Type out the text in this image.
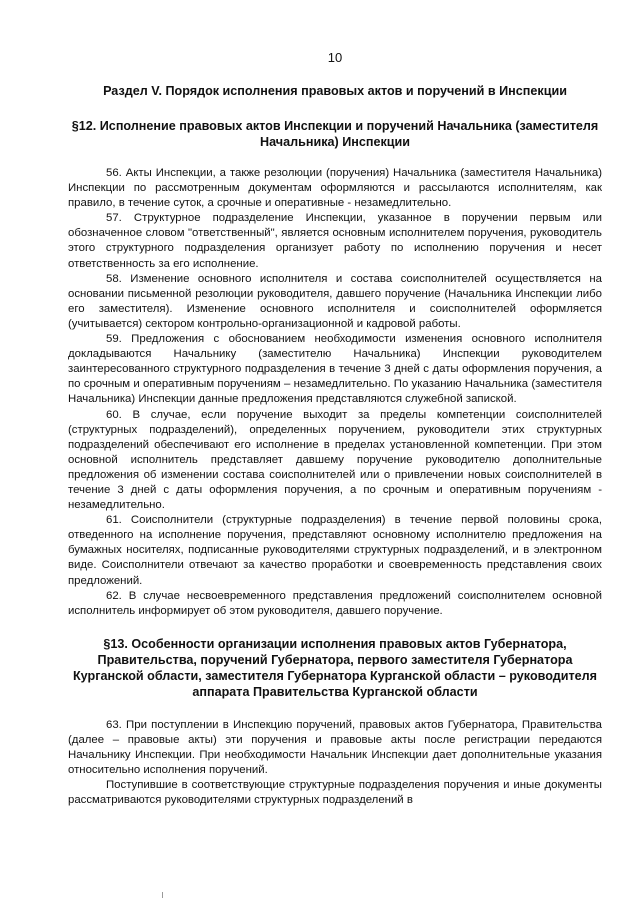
10
Раздел V. Порядок исполнения правовых актов и поручений в Инспекции
§12. Исполнение правовых актов Инспекции и поручений Начальника (заместителя Начальника) Инспекции

56. Акты Инспекции, а также резолюции (поручения) Начальника (заместителя Начальника) Инспекции по рассмотренным документам оформляются и рассылаются исполнителям, как правило, в течение суток, а срочные и оперативные - незамедлительно.

57. Структурное подразделение Инспекции, указанное в поручении первым или обозначенное словом "ответственный", является основным исполнителем поручения, руководитель этого структурного подразделения организует работу по исполнению поручения и несет ответственность за его исполнение.

58. Изменение основного исполнителя и состава соисполнителей осуществляется на основании письменной резолюции руководителя, давшего поручение (Начальника Инспекции либо его заместителя). Изменение основного исполнителя и соисполнителей оформляется (учитывается) сектором контрольно-организационной и кадровой работы.

59. Предложения с обоснованием необходимости изменения основного исполнителя докладываются Начальнику (заместителю Начальника) Инспекции руководителем заинтересованного структурного подразделения в течение 3 дней с даты оформления поручения, а по срочным и оперативным поручениям – незамедлительно. По указанию Начальника (заместителя Начальника) Инспекции данные предложения представляются служебной запиской.

60. В случае, если поручение выходит за пределы компетенции соисполнителей (структурных подразделений), определенных поручением, руководители этих структурных подразделений обеспечивают его исполнение в пределах установленной компетенции. При этом основной исполнитель представляет давшему поручение руководителю дополнительные предложения об изменении состава соисполнителей или о привлечении новых соисполнителей в течение 3 дней с даты оформления поручения, а по срочным и оперативным поручениям - незамедлительно.

61. Соисполнители (структурные подразделения) в течение первой половины срока, отведенного на исполнение поручения, представляют основному исполнителю предложения на бумажных носителях, подписанные руководителями структурных подразделений, и в электронном виде. Соисполнители отвечают за качество проработки и своевременность представления своих предложений.

62. В случае несвоевременного представления предложений соисполнителем основной исполнитель информирует об этом руководителя, давшего поручение.

§13. Особенности организации исполнения правовых актов Губернатора, Правительства, поручений Губернатора, первого заместителя Губернатора Курганской области, заместителя Губернатора Курганской области – руководителя аппарата Правительства Курганской области

63. При поступлении в Инспекцию поручений, правовых актов Губернатора, Правительства (далее – правовые акты) эти поручения и правовые акты после регистрации передаются Начальнику Инспекции. При необходимости Начальник Инспекции дает дополнительные указания относительно исполнения поручений.

Поступившие в соответствующие структурные подразделения поручения и иные документы рассматриваются руководителями структурных подразделений в
